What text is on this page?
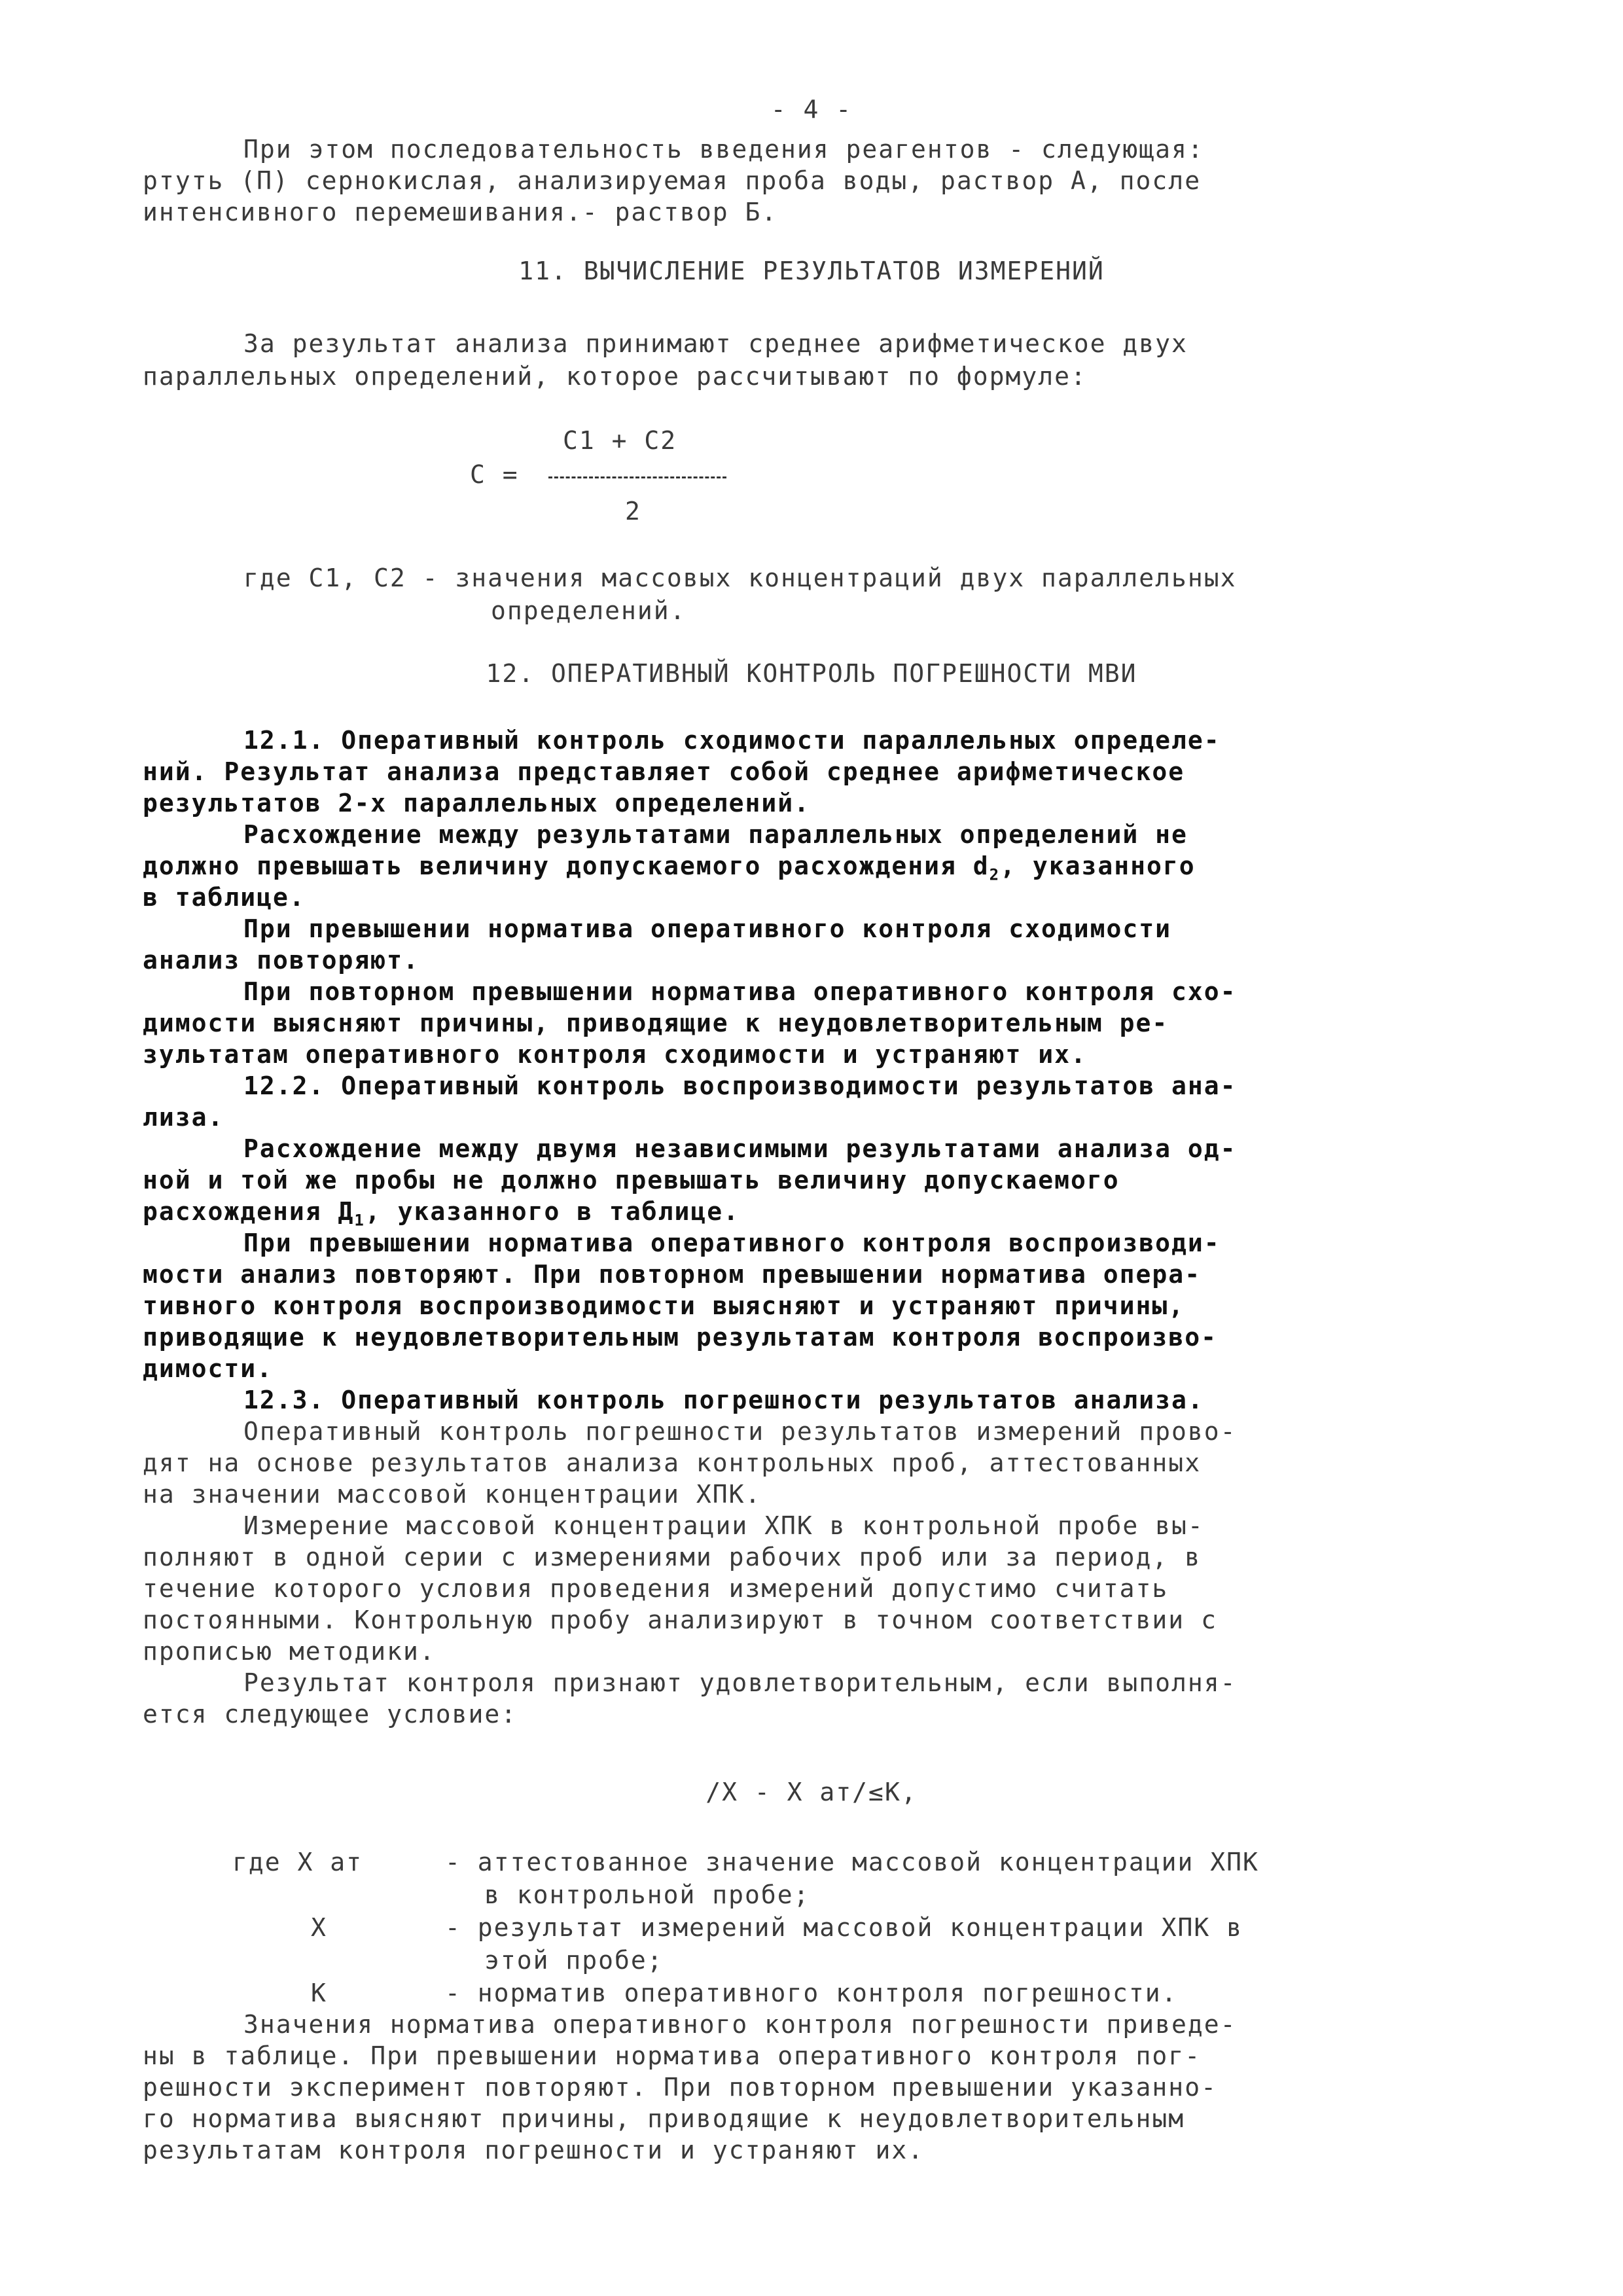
- 4 -
При этом последовательность введения реагентов - следующая:
ртуть (П) сернокислая, анализируемая проба воды, раствор А, после
интенсивного перемешивания.- раствор Б.
11. ВЫЧИСЛЕНИЕ РЕЗУЛЬТАТОВ ИЗМЕРЕНИЙ
За результат анализа принимают среднее арифметическое двух
параллельных определений, которое рассчитывают по формуле:
C1 + C2
C =
2
где C1, C2 - значения массовых концентраций двух параллельных
определений.
12. ОПЕРАТИВНЫЙ КОНТРОЛЬ ПОГРЕШНОСТИ МВИ
12.1. Оперативный контроль сходимости параллельных определе-
ний. Результат анализа представляет собой среднее арифметическое
результатов 2-х параллельных определений.
Расхождение между результатами параллельных определений не
должно превышать величину допускаемого расхождения $d_2$, указанного
в таблице.
При превышении норматива оперативного контроля сходимости
анализ повторяют.
При повторном превышении норматива оперативного контроля схо-
димости выясняют причины, приводящие к неудовлетворительным ре-
зультатам оперативного контроля сходимости и устраняют их.
12.2. Оперативный контроль воспроизводимости результатов ана-
лиза.
Расхождение между двумя независимыми результатами анализа од-
ной и той же пробы не должно превышать величину допускаемого
расхождения $Д_1$, указанного в таблице.
При превышении норматива оперативного контроля воспроизводи-
мости анализ повторяют. При повторном превышении норматива опера-
тивного контроля воспроизводимости выясняют и устраняют причины,
приводящие к неудовлетворительным результатам контроля воспроизво-
димости.
12.3. Оперативный контроль погрешности результатов анализа.
Оперативный контроль погрешности результатов измерений прово-
дят на основе результатов анализа контрольных проб, аттестованных
на значении массовой концентрации ХПК.
Измерение массовой концентрации ХПК в контрольной пробе вы-
полняют в одной серии с измерениями рабочих проб или за период, в
течение которого условия проведения измерений допустимо считать
постоянными. Контрольную пробу анализируют в точном соответствии с
прописью методики.
Результат контроля признают удовлетворительным, если выполня-
ется следующее условие:
/X - X ат/≤K,
где X ат	- аттестованное значение массовой концентрации ХПК
в контрольной пробе;
X	- результат измерений массовой концентрации ХПК в
этой пробе;
K	- норматив оперативного контроля погрешности.
Значения норматива оперативного контроля погрешности приведе-
ны в таблице. При превышении норматива оперативного контроля пог-
решности эксперимент повторяют. При повторном превышении указанно-
го норматива выясняют причины, приводящие к неудовлетворительным
результатам контроля погрешности и устраняют их.
